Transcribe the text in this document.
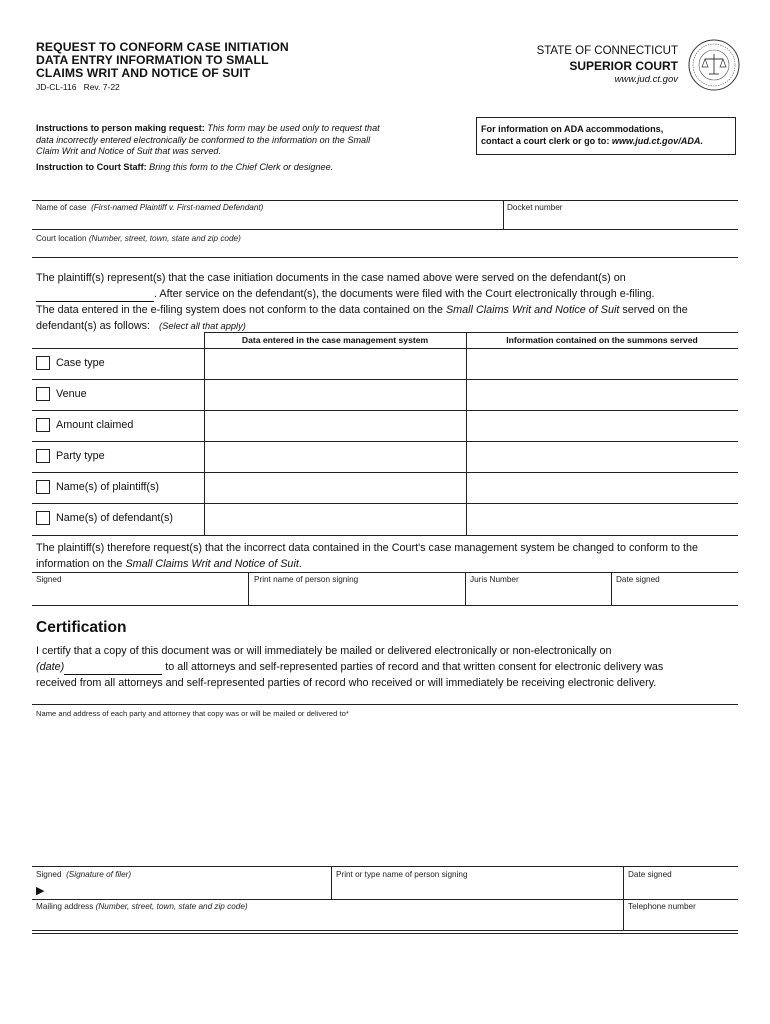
REQUEST TO CONFORM CASE INITIATION
DATA ENTRY INFORMATION TO SMALL
CLAIMS WRIT AND NOTICE OF SUIT
JD-CL-116 Rev. 7-22
STATE OF CONNECTICUT
SUPERIOR COURT
www.jud.ct.gov
Instructions to person making request: This form may be used only to request that data incorrectly entered electronically be conformed to the information on the Small Claim Writ and Notice of Suit that was served.
Instruction to Court Staff: Bring this form to the Chief Clerk or designee.
For information on ADA accommodations,
contact a court clerk or go to: www.jud.ct.gov/ADA.
Name of case (First-named Plaintiff v. First-named Defendant)	Docket number
Court location (Number, street, town, state and zip code)
The plaintiff(s) represent(s) that the case initiation documents in the case named above were served on the defendant(s) on
. After service on the defendant(s), the documents were filed with the Court electronically through e-filing.
The data entered in the e-filing system does not conform to the data contained on the Small Claims Writ and Notice of Suit served on the
defendant(s) as follows: (Select all that apply)
Data entered in the case management system	Information contained on the summons served
Case type
Venue
Amount claimed
Party type
Name(s) of plaintiff(s)
Name(s) of defendant(s)
The plaintiff(s) therefore request(s) that the incorrect data contained in the Court's case management system be changed to conform to the
information on the Small Claims Writ and Notice of Suit.
Signed	Print name of person signing	Juris Number	Date signed
Certification
I certify that a copy of this document was or will immediately be mailed or delivered electronically or non-electronically on
(date)	to all attorneys and self-represented parties of record and that written consent for electronic delivery was
received from all attorneys and self-represented parties of record who received or will immediately be receiving electronic delivery.
Name and address of each party and attorney that copy was or will be mailed or delivered to*
Signed (Signature of filer)
▶
Print or type name of person signing	Date signed
Mailing address (Number, street, town, state and zip code)	Telephone number
